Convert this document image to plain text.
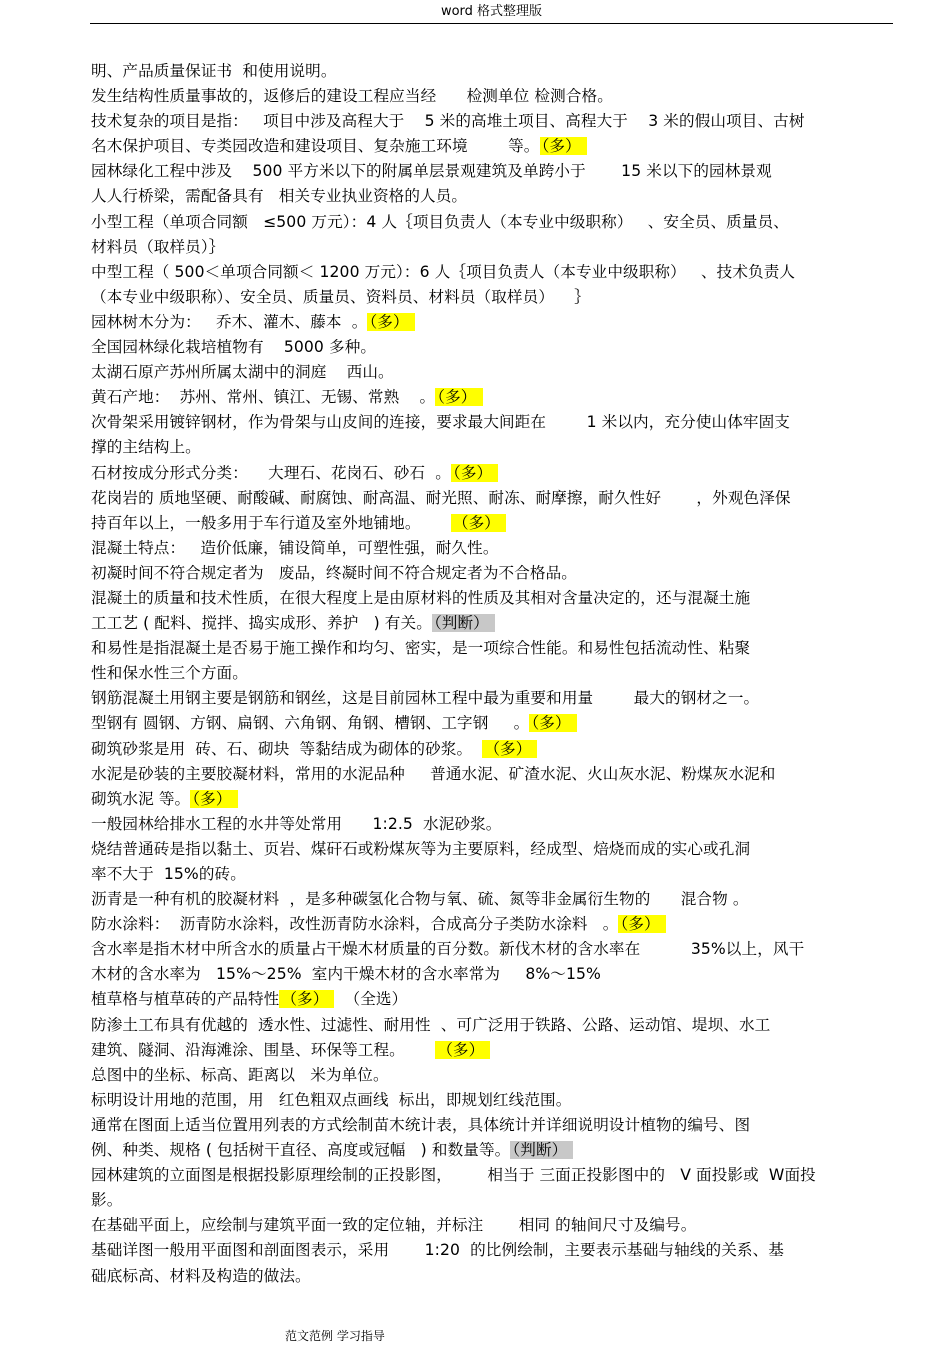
word 格式整理版
明、产品质量保证书  和使用说明。
发生结构性质量事故的，返修后的建设工程应当经      检测单位 检测合格。
技术复杂的项目是指：   项目中涉及高程大于    5 米的高堆土项目、高程大于    3 米的假山项目、古树
名木保护项目、专类园改造和建设项目、复杂施工环境        等。 （多）
园林绿化工程中涉及    500 平方米以下的附属单层景观建筑及单跨小于       15 米以下的园林景观
人人行桥梁，需配备具有   相关专业执业资格的人员。
小型工程（单项合同额   ≤500 万元）：4 人｛项目负责人（本专业中级职称）   、安全员、质量员、
材料员（取样员）｝
中型工程（ 500＜单项合同额＜ 1200 万元）：6 人｛项目负责人（本专业中级职称）   、技术负责人
（本专业中级职称）、安全员、质量员、资料员、材料员（取样员）    ｝
园林树木分为：   乔木、灌木、藤本  。 （多）
全国园林绿化栽培植物有    5000 多种。
太湖石原产苏州所属太湖中的洞庭    西山。
黄石产地：  苏州、常州、镇江、无锡、常熟    。 （多）
次骨架采用镀锌钢材，作为骨架与山皮间的连接，要求最大间距在        1 米以内，充分使山体牢固支
撑的主结构上。
石材按成分形式分类：    大理石、花岗石、砂石  。 （多）
花岗岩的 质地坚硬、耐酸碱、耐腐蚀、耐高温、耐光照、耐冻、耐摩擦，耐久性好       ，外观色泽保
持百年以上，一般多用于车行道及室外地铺地。      （多）
混凝土特点：   造价低廉，铺设简单，可塑性强，耐久性。
初凝时间不符合规定者为   废品，终凝时间不符合规定者为不合格品。
混凝土的质量和技术性质，在很大程度上是由原材料的性质及其相对含量决定的，还与混凝土施
工工艺 ( 配料、搅拌、捣实成形、养护   ) 有关。 （判断）
和易性是指混凝土是否易于施工操作和均匀、密实，是一项综合性能。和易性包括流动性、粘聚
性和保水性三个方面。
钢筋混凝土用钢主要是钢筋和钢丝，这是目前园林工程中最为重要和用量        最大的钢材之一。
型钢有 圆钢、方钢、扁钢、六角钢、角钢、槽钢、工字钢     。 （多）
砌筑砂浆是用  砖、石、砌块  等黏结成为砌体的砂浆。  （多）
水泥是砂装的主要胶凝材料，常用的水泥品种     普通水泥、矿渣水泥、火山灰水泥、粉煤灰水泥和
砌筑水泥 等。 （多）
一般园林给排水工程的水井等处常用      1:2.5  水泥砂浆。
烧结普通砖是指以黏土、页岩、煤矸石或粉煤灰等为主要原料，经成型、焙烧而成的实心或孔洞
率不大于  15%的砖。
沥青是一种有机的胶凝材料  ，是多种碳氢化合物与氧、硫、氮等非金属衍生物的      混合物 。
防水涂料：  沥青防水涂料，改性沥青防水涂料，合成高分子类防水涂料   。 （多）
含水率是指木材中所含水的质量占干燥木材质量的百分数。新伐木材的含水率在          35%以上，风干
木材的含水率为   15%～25%  室内干燥木材的含水率常为     8%～15%
植草格与植草砖的产品特性 （多）  （全选）
防渗土工布具有优越的  透水性、过滤性、耐用性  、可广泛用于铁路、公路、运动馆、堤坝、水工
建筑、隧洞、沿海滩涂、围垦、环保等工程。      （多）
总图中的坐标、标高、距离以   米为单位。
标明设计用地的范围，用   红色粗双点画线  标出，即规划红线范围。
通常在图面上适当位置用列表的方式绘制苗木统计表，具体统计并详细说明设计植物的编号、图
例、种类、规格 ( 包括树干直径、高度或冠幅   ) 和数量等。 （判断）
园林建筑的立面图是根据投影原理绘制的正投影图，       相当于 三面正投影图中的   V 面投影或  W面投
影。
在基础平面上，应绘制与建筑平面一致的定位轴，并标注       相同 的轴间尺寸及编号。
基础详图一般用平面图和剖面图表示，采用       1:20  的比例绘制，主要表示基础与轴线的关系、基
础底标高、材料及构造的做法。
范文范例 学习指导
